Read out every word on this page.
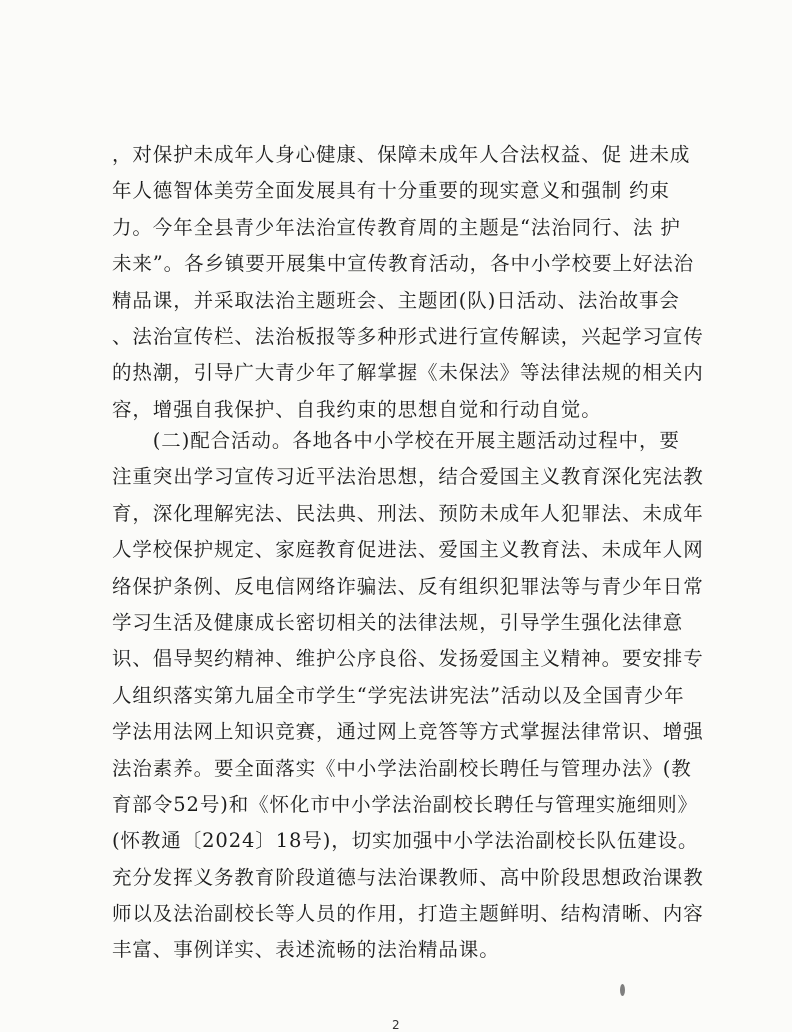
，对保护未成年人身心健康、保障未成年人合法权益、促 进未成
年人德智体美劳全面发展具有十分重要的现实意义和强制 约束
力。今年全县青少年法治宣传教育周的主题是“法治同行、法 护
未来”。各乡镇要开展集中宣传教育活动，各中小学校要上好法治
精品课，并采取法治主题班会、主题团(队)日活动、法治故事会
、法治宣传栏、法治板报等多种形式进行宣传解读，兴起学习宣传
的热潮，引导广大青少年了解掌握《未保法》等法律法规的相关内
容，增强自我保护、自我约束的思想自觉和行动自觉。
　　(二)配合活动。各地各中小学校在开展主题活动过程中，要
注重突出学习宣传习近平法治思想，结合爱国主义教育深化宪法教
育，深化理解宪法、民法典、刑法、预防未成年人犯罪法、未成年
人学校保护规定、家庭教育促进法、爱国主义教育法、未成年人网
络保护条例、反电信网络诈骗法、反有组织犯罪法等与青少年日常
学习生活及健康成长密切相关的法律法规，引导学生强化法律意
识、倡导契约精神、维护公序良俗、发扬爱国主义精神。要安排专
人组织落实第九届全市学生“学宪法讲宪法”活动以及全国青少年
学法用法网上知识竞赛，通过网上竞答等方式掌握法律常识、增强
法治素养。要全面落实《中小学法治副校长聘任与管理办法》(教
育部令52号)和《怀化市中小学法治副校长聘任与管理实施细则》
(怀教通〔2024〕18号)，切实加强中小学法治副校长队伍建设。
充分发挥义务教育阶段道德与法治课教师、高中阶段思想政治课教
师以及法治副校长等人员的作用，打造主题鲜明、结构清晰、内容
丰富、事例详实、表述流畅的法治精品课。
2
